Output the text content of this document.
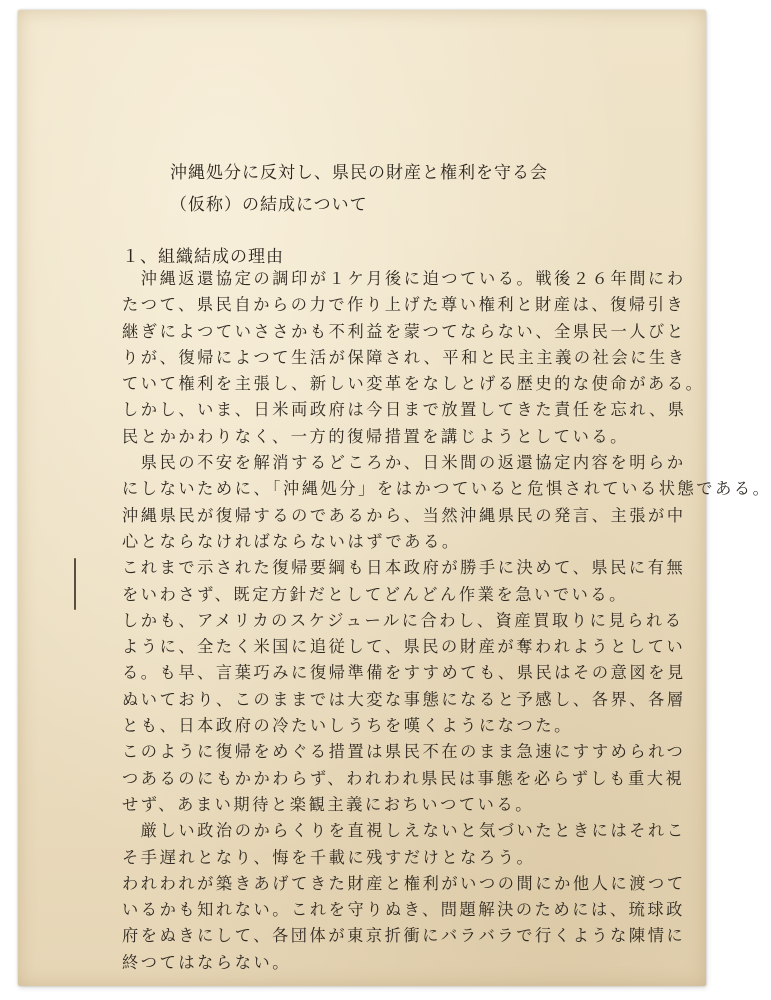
沖縄処分に反対し、県民の財産と権利を守る会
（仮称）の結成について
１、組織結成の理由
　沖縄返還協定の調印が１ケ月後に迫つている。戦後２６年間にわ
たつて、県民自からの力で作り上げた尊い権利と財産は、復帰引き
継ぎによつていささかも不利益を蒙つてならない、全県民一人びと
りが、復帰によつて生活が保障され、平和と民主主義の社会に生き
ていて権利を主張し、新しい変革をなしとげる歴史的な使命がある。
しかし、いま、日米両政府は今日まで放置してきた責任を忘れ、県
民とかかわりなく、一方的復帰措置を講じようとしている。
　県民の不安を解消するどころか、日米間の返還協定内容を明らか
にしないために、「沖縄処分」をはかつていると危惧されている状態である。
沖縄県民が復帰するのであるから、当然沖縄県民の発言、主張が中
心とならなければならないはずである。
これまで示された復帰要綱も日本政府が勝手に決めて、県民に有無
をいわさず、既定方針だとしてどんどん作業を急いでいる。
しかも、アメリカのスケジュールに合わし、資産買取りに見られる
ように、全たく米国に追従して、県民の財産が奪われようとしてい
る。も早、言葉巧みに復帰準備をすすめても、県民はその意図を見
ぬいており、このままでは大変な事態になると予感し、各界、各層
とも、日本政府の冷たいしうちを嘆くようになつた。
このように復帰をめぐる措置は県民不在のまま急速にすすめられつ
つあるのにもかかわらず、われわれ県民は事態を必らずしも重大視
せず、あまい期待と楽観主義におちいつている。
　厳しい政治のからくりを直視しえないと気づいたときにはそれこ
そ手遅れとなり、悔を千載に残すだけとなろう。
われわれが築きあげてきた財産と権利がいつの間にか他人に渡つて
いるかも知れない。これを守りぬき、問題解決のためには、琉球政
府をぬきにして、各団体が東京折衝にバラバラで行くような陳情に
終つてはならない。
